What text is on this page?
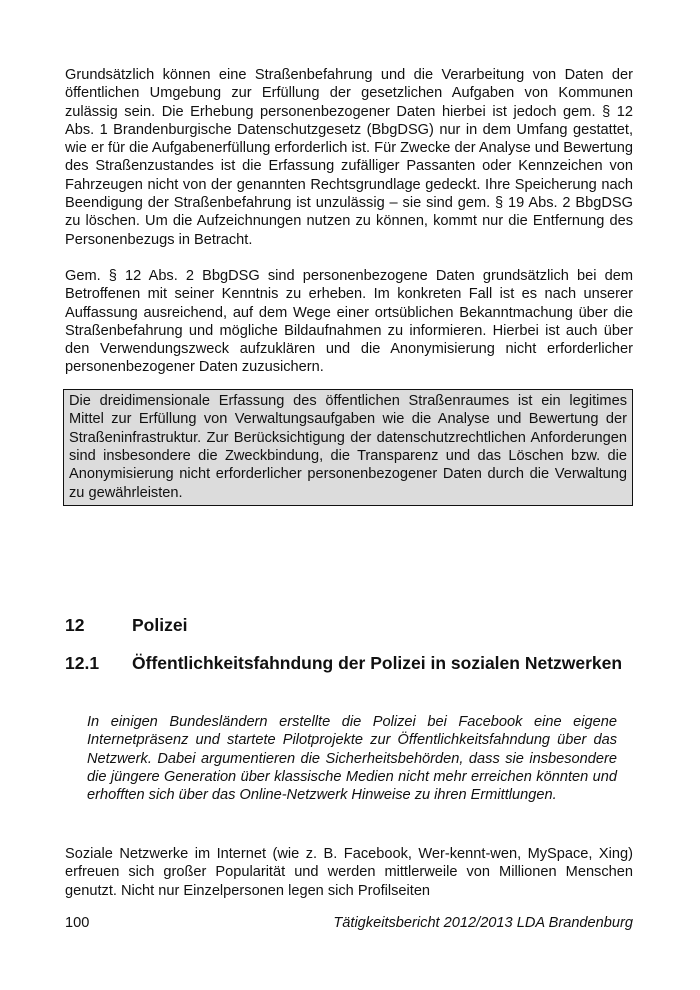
Grundsätzlich können eine Straßenbefahrung und die Verarbeitung von Daten der öffentlichen Umgebung zur Erfüllung der gesetzlichen Aufgaben von Kommunen zulässig sein. Die Erhebung personenbezogener Daten hierbei ist jedoch gem. § 12 Abs. 1 Brandenburgische Datenschutzgesetz (BbgDSG) nur in dem Umfang gestattet, wie er für die Aufgabenerfüllung erforderlich ist. Für Zwecke der Analyse und Bewertung des Straßenzustandes ist die Erfassung zufälliger Passanten oder Kennzeichen von Fahrzeugen nicht von der genannten Rechtsgrundlage gedeckt. Ihre Speicherung nach Beendigung der Straßenbefahrung ist unzulässig – sie sind gem. § 19 Abs. 2 BbgDSG zu löschen. Um die Aufzeichnungen nutzen zu können, kommt nur die Entfernung des Personenbezugs in Betracht.

Gem. § 12 Abs. 2 BbgDSG sind personenbezogene Daten grundsätzlich bei dem Betroffenen mit seiner Kenntnis zu erheben. Im konkreten Fall ist es nach unserer Auffassung ausreichend, auf dem Wege einer ortsüblichen Bekanntmachung über die Straßenbefahrung und mögliche Bildaufnahmen zu informieren. Hierbei ist auch über den Verwendungszweck aufzuklären und die Anonymisierung nicht erforderlicher personenbezogener Daten zuzusichern.

Die dreidimensionale Erfassung des öffentlichen Straßenraumes ist ein legitimes Mittel zur Erfüllung von Verwaltungsaufgaben wie die Analyse und Bewertung der Straßeninfrastruktur. Zur Berücksichtigung der datenschutzrechtlichen Anforderungen sind insbesondere die Zweckbindung, die Transparenz und das Löschen bzw. die Anonymisierung nicht erforderlicher personenbezogener Daten durch die Verwaltung zu gewährleisten.

12	Polizei
12.1	Öffentlichkeitsfahndung der Polizei in sozialen Netzwerken
In einigen Bundesländern erstellte die Polizei bei Facebook eine eigene Internetpräsenz und startete Pilotprojekte zur Öffentlichkeitsfahndung über das Netzwerk. Dabei argumentieren die Sicherheitsbehörden, dass sie insbesondere die jüngere Generation über klassische Medien nicht mehr erreichen könnten und erhofften sich über das Online-Netzwerk Hinweise zu ihren Ermittlungen.

Soziale Netzwerke im Internet (wie z. B. Facebook, Wer-kennt-wen, MySpace, Xing) erfreuen sich großer Popularität und werden mittlerweile von Millionen Menschen genutzt. Nicht nur Einzelpersonen legen sich Profilseiten

100	Tätigkeitsbericht 2012/2013 LDA Brandenburg
